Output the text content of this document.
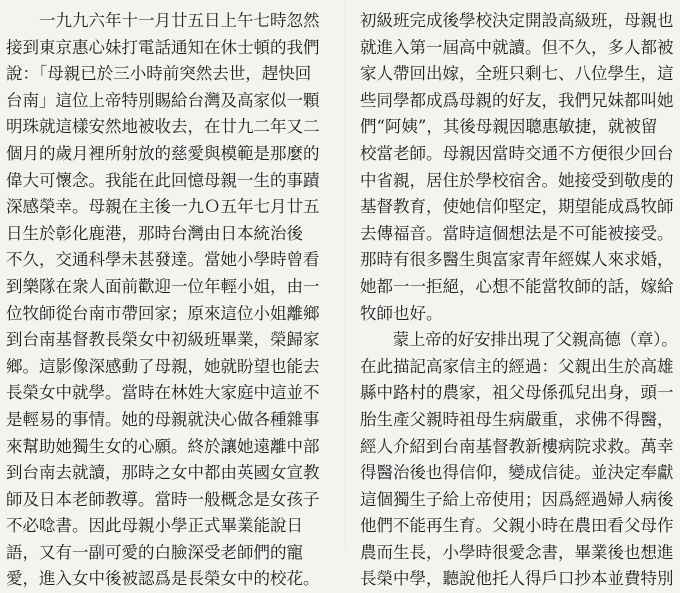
　　一九九六年十一月廿五日上午七時忽然
接到東京惠心妹打電話通知在休士頓的我們
說：「母親已於三小時前突然去世，趕快回
台南」這位上帝特別賜給台灣及高家似一顆
明珠就這樣安然地被收去，在廿九二年又二
個月的歲月裡所射放的慈愛與模範是那麼的
偉大可懷念。我能在此回憶母親一生的事蹟
深感榮幸。母親在主後一九Ｏ五年七月廿五
日生於彰化鹿港，那時台灣由日本統治後
不久，交通科學未甚發達。當她小學時曾看
到樂隊在衆人面前歡迎一位年輕小姐，由一
位牧師從台南市帶回家；原來這位小姐離鄉
到台南基督教長榮女中初級班畢業，榮歸家
鄉。這影像深感動了母親，她就盼望也能去
長榮女中就學。當時在林姓大家庭中這並不
是輕易的事情。她的母親就決心做各種雜事
來幫助她獨生女的心願。終於讓她遠離中部
到台南去就讀，那時之女中都由英國女宣教
師及日本老師教導。當時一般概念是女孩子
不必唸書。因此母親小學正式畢業能說日
語，又有一副可愛的白臉深受老師們的寵
愛，進入女中後被認爲是長榮女中的校花。
初級班完成後學校決定開設高級班，母親也
就進入第一屆高中就讀。但不久，多人都被
家人帶回出嫁，全班只剩七、八位學生，這
些同學都成爲母親的好友，我們兄妹都叫她
們“阿姨”，其後母親因聰惠敏捷，就被留
校當老師。母親因當時交通不方便很少回台
中省親，居住於學校宿舍。她接受到敬虔的
基督教育，使她信仰堅定，期望能成爲牧師
去傳福音。當時這個想法是不可能被接受。
那時有很多醫生與富家青年經媒人來求婚，
她都一一拒絕，心想不能當牧師的話，嫁給
牧師也好。
　　蒙上帝的好安排出現了父親高德（章）。
在此描記高家信主的經過：父親出生於高雄
縣中路村的農家，祖父母係孤兒出身，頭一
胎生產父親時祖母生病嚴重，求佛不得醫，
經人介紹到台南基督教新樓病院求救。萬幸
得醫治後也得信仰，變成信徒。並決定奉獻
這個獨生子給上帝使用；因爲經過婦人病後
他們不能再生育。父親小時在農田看父母作
農而生長，小學時很愛念書，畢業後也想進
長榮中學，聽說他托人得戶口抄本並費特別
